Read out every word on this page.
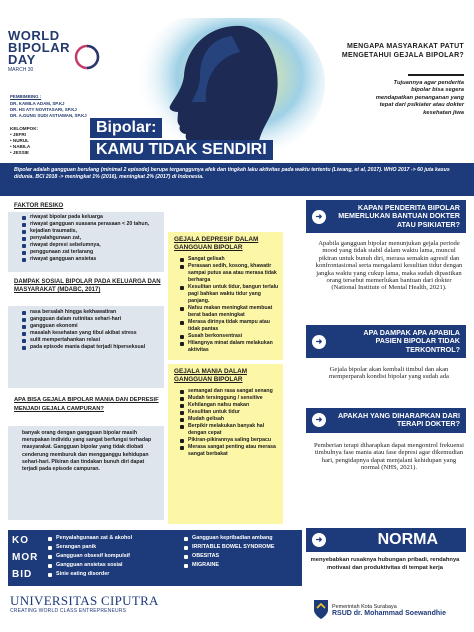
WORLD
BIPOLAR
DAY
MARCH 30
PEMBIMBING :
DR. KAMILA ADAM, SP.KJ
DR. HS ATY NOVITASARI, SP.KJ
DR. A.GUNG SUDI ASTIAWAN, SP.KJ
KELOMPOK:
• JEFRI
• NURUL
• NABILA
• JESSIE
Bipolar:
KAMU TIDAK SENDIRI
MENGAPA MASYARAKAT PATUT MENGETAHUI GEJALA BIPOLAR?
Tujuannya agar penderita bipolar bisa segera mendapatkan penanganan yang tepat dari psikiater atau dokter kesehatan jiwa
Bipolar adalah gangguan berulang (minimal 2 episode) berupa terganggunya afek dan tingkah laku aktivitas pada waktu tertentu (Liwang, et al, 2017). WHO 2017 -> 60 juta kasus didunia. BCI 2018 -> meningkat 1% (2016), meningkat 2% (2017) di Indonesia.
FAKTOR RESIKO
riwayat bipolar pada keluarga
riwayat gangguan suasana perasaan < 20 tahun,
kejadian traumatis,
penyalahgunaan zat,
riwayat depresi sebelumnya,
penggunaan zat terlarang
riwayat gangguan ansietas
DAMPAK SOSIAL BIPOLAR PADA KELUARGA DAN MASYARAKAT (MDABC, 2017)
rasa bersalah hingga kekhawatiran
gangguan dalam rutinitas sehari-hari
gangguan ekonomi
masalah kesehatan yang tibul akibat stress
sulit mempertahankan relasi
pada episode mania dapat terjadi hiperseksual
APA BISA GEJALA BIPOLAR MANIA DAN DEPRESIF MENJADI GEJALA CAMPURAN?
banyak orang dengan gangguan bipolar masih merupakan individu yang sangat berfungsi terhadap masyarakat. Gangguan bipolar yang tidak diobati cenderung memburuk dan mengganggu kehidupan sehari-hari. Pikiran dan tindakan bunuh diri dapat terjadi pada episode campuran.
GEJALA DEPRESIF DALAM GANGGUAN BIPOLAR
Sangat gelisah
Perasaan sedih, kosong, khawatir sampai putus asa atau merasa tidak berharga
Kesulitan untuk tidur, bangun terlalu pagi bahkan waktu tidur yang panjang.
Nafsu makan meningkat membuat berat badan meningkat
Merasa dirinya tidak mampu atau tidak pantas
Susah berkonsentrasi
Hilangnya minat dalam melakukan aktivitas
GEJALA MANIA DALAM GANGGUAN BIPOLAR
semangat dan rasa sangat senang
Mudah tersinggung / sensitive
Kehilangan nafsu makan
Kesulitan untuk tidur
Mudah gelisah
Berpikir melakukan banyak hal dengan cepat
Pikiran-pikirannya saling berpacu
Merasa sangat penting atau merasa sangat berbakat
➜
KAPAN PENDERITA BIPOLAR MEMERLUKAN BANTUAN DOKTER ATAU PSIKIATER?
Apabila gangguan bipolar menunjukan gejala periode mood yang tidak stabil dalam waktu lama, muncul pikiran untuk bunuh diri, merasa semakin agresif dan konfrontasional serta mengalami kesulitan tidur dengan jangka waktu yang cukup lama, maka sudah dipastikan orang tersebut memerlukan bantuan dari dokter (National Institute of Mental Health, 2021).
➜
APA DAMPAK APA APABILA PASIEN BIPOLAR TIDAK TERKONTROL?
Gejala bipolar akan kembali timbul dan akan memperparah kondisi bipolar yang sudah ada
➜	APAKAH YANG DIHARAPKAN DARI TERAPI DOKTER?
Pemberian terapi diharapkan dapat mengontrol frekuensi timbulnya fase mania atau fase depresi agar dikemudian hari, pengidapnya dapat menjalani kehidupan yang normal (NHS, 2021).
KO
MOR
BID
Penyalahgunaan zat & akohol
Serangan panik
Gangguan obsesif kompulsif
Gangguan ansietas sosial
Sinie eating disorder
Gangguan kepribadian ambang
IRRITABLE BOWEL SYNDROME
OBESITAS
MIGRAINE
➜	NORMA
menyebabkan rusaknya hubungan pribadi, rendahnya motivasi dan produktivitas di tempat kerja
UNIVERSITAS CIPUTRA
CREATING WORLD CLASS ENTREPRENEURS
Pemerintah Kota Surabaya
RSUD dr. Mohammad Soewandhie
